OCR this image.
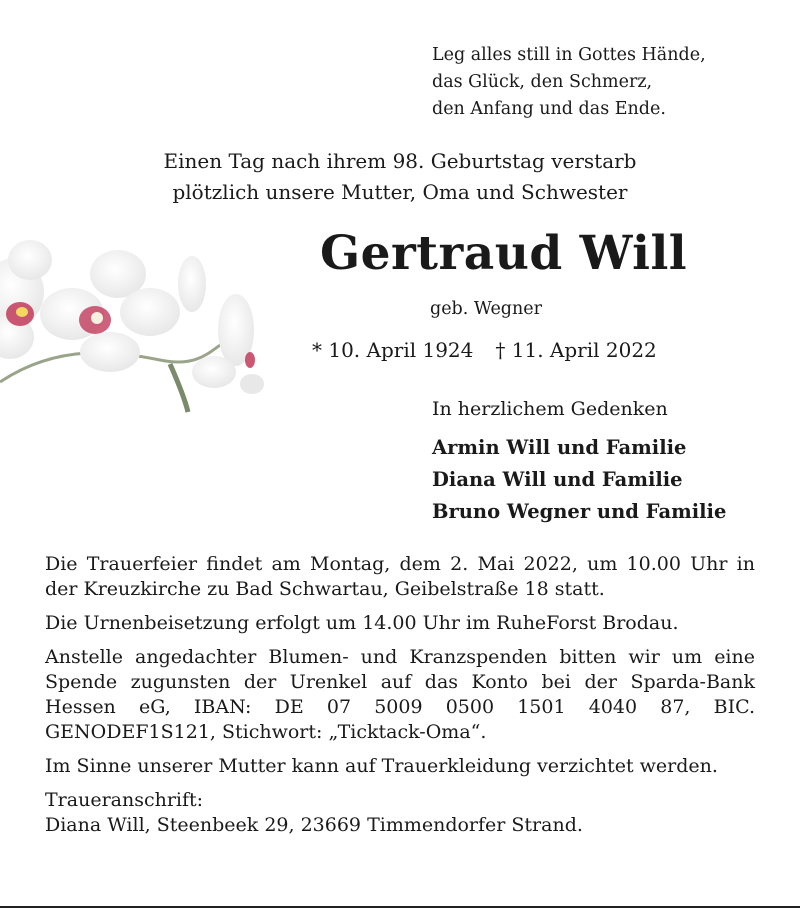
Leg alles still in Gottes Hände,
das Glück, den Schmerz,
den Anfang und das Ende.
Einen Tag nach ihrem 98. Geburtstag verstarb
plötzlich unsere Mutter, Oma und Schwester
Gertraud Will
geb. Wegner
* 10. April 1924 † 11. April 2022
In herzlichem Gedenken
Armin Will und Familie
Diana Will und Familie
Bruno Wegner und Familie

Die Trauerfeier findet am Montag, dem 2. Mai 2022, um 10.00 Uhr in der Kreuzkirche zu Bad Schwartau, Geibelstraße 18 statt.

Die Urnenbeisetzung erfolgt um 14.00 Uhr im RuheForst Brodau.

Anstelle angedachter Blumen- und Kranzspenden bitten wir um eine Spende zugunsten der Urenkel auf das Konto bei der Sparda-Bank Hessen eG, IBAN: DE 07 5009 0500 1501 4040 87, BIC. GENODEF1S121, Stichwort: „Ticktack-Oma“.

Im Sinne unserer Mutter kann auf Trauerkleidung verzichtet werden.

Traueranschrift:
Diana Will, Steenbeek 29, 23669 Timmendorfer Strand.
